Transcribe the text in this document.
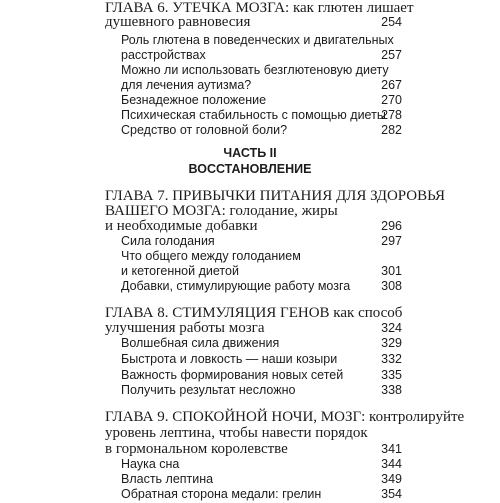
ГЛАВА 6. УТЕЧКА МОЗГА: как глютен лишает
душевного равновесия	254
Роль глютена в поведенческих и двигательных
расстройствах	257
Можно ли использовать безглютеновую диету
для лечения аутизма?	267
Безнадежное положение	270
Психическая стабильность с помощью диеты
278
Средство от головной боли?	282
ЧАСТЬ II
ВОССТАНОВЛЕНИЕ
ГЛАВА 7. ПРИВЫЧКИ ПИТАНИЯ ДЛЯ ЗДОРОВЬЯ
ВАШЕГО МОЗГА: голодание, жиры
и необходимые добавки	296
Сила голодания	297
Что общего между голоданием
и кетогенной диетой	301
Добавки, стимулирующие работу мозга 308
ГЛАВА 8. СТИМУЛЯЦИЯ ГЕНОВ как способ
улучшения работы мозга	324
Волшебная сила движения	329
Быстрота и ловкость — наши козыри	332
Важность формирования новых сетей	335
Получить результат несложно	338
ГЛАВА 9. СПОКОЙНОЙ НОЧИ, МОЗГ: контролируйте
уровень лептина, чтобы навести порядок
в гормональном королевстве	341
Наука сна	344
Власть лептина	349
Обратная сторона медали: грелин	354
